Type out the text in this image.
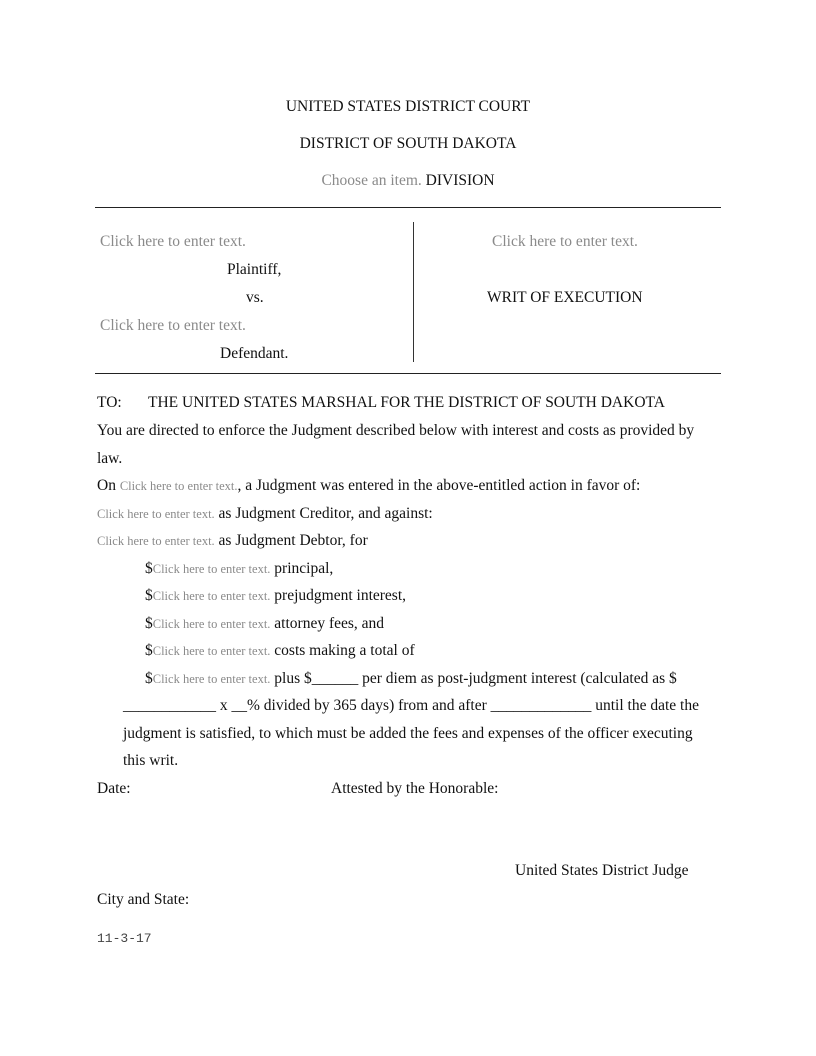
UNITED STATES DISTRICT COURT
DISTRICT OF SOUTH DAKOTA
Choose an item. DIVISION
Click here to enter text.
Plaintiff,
vs.
Click here to enter text.
Defendant.
Click here to enter text.
WRIT OF EXECUTION
TO: THE UNITED STATES MARSHAL FOR THE DISTRICT OF SOUTH DAKOTA
You are directed to enforce the Judgment described below with interest and costs as provided by
law.
On Click here to enter text., a Judgment was entered in the above-entitled action in favor of:
Click here to enter text. as Judgment Creditor, and against:
Click here to enter text. as Judgment Debtor, for
$Click here to enter text. principal,
$Click here to enter text. prejudgment interest,
$Click here to enter text. attorney fees, and
$Click here to enter text. costs making a total of
$Click here to enter text. plus $______ per diem as post-judgment interest (calculated as $
____________ x __% divided by 365 days) from and after _____________ until the date the
judgment is satisfied, to which must be added the fees and expenses of the officer executing
this writ.
Date:	Attested by the Honorable:
United States District Judge
City and State:
11-3-17
